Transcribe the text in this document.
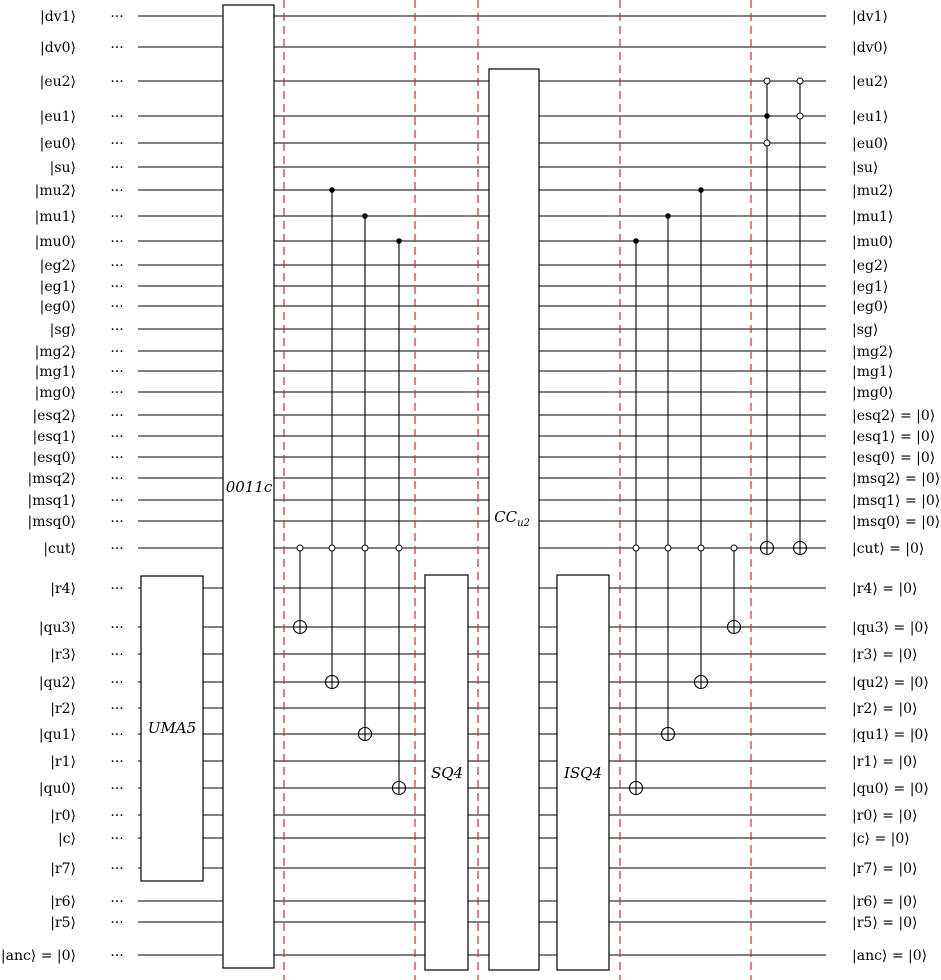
UMA5
0011c
SQ4
$CC_{u2}$
ISQ4
|dv1⟩ ···
|dv0⟩ ···
|eu2⟩ ···
|eu1⟩ ···
|eu0⟩ ···
|su⟩ ···
|mu2⟩ ···
|mu1⟩ ···
|mu0⟩ ···
|eg2⟩ ···
|eg1⟩ ···
|eg0⟩ ···
|sg⟩ ···
|mg2⟩ ···
|mg1⟩ ···
|mg0⟩ ···
|esq2⟩ ···
|esq1⟩ ···
|esq0⟩ ···
|msq2⟩ ···
|msq1⟩ ···
|msq0⟩ ···
|cut⟩ ···
|r4⟩ ···
|qu3⟩ ···
|r3⟩ ···
|qu2⟩ ···
|r2⟩ ···
|qu1⟩ ···
|r1⟩ ···
|qu0⟩ ···
|r0⟩ ···
|c⟩ ···
|r7⟩ ···
|r6⟩ ···
|r5⟩ ···
|anc⟩ = |0⟩ ···
|dv1⟩
|dv0⟩
|eu2⟩
|eu1⟩
|eu0⟩
|su⟩
|mu2⟩
|mu1⟩
|mu0⟩
|eg2⟩
|eg1⟩
|eg0⟩
|sg⟩
|mg2⟩
|mg1⟩
|mg0⟩
|esq2⟩ = |0⟩
|esq1⟩ = |0⟩
|esq0⟩ = |0⟩
|msq2⟩ = |0⟩
|msq1⟩ = |0⟩
|msq0⟩ = |0⟩
|cut⟩ = |0⟩
|r4⟩ = |0⟩
|qu3⟩ = |0⟩
|r3⟩ = |0⟩
|qu2⟩ = |0⟩
|r2⟩ = |0⟩
|qu1⟩ = |0⟩
|r1⟩ = |0⟩
|qu0⟩ = |0⟩
|r0⟩ = |0⟩
|c⟩ = |0⟩
|r7⟩ = |0⟩
|r6⟩ = |0⟩
|r5⟩ = |0⟩
|anc⟩ = |0⟩
